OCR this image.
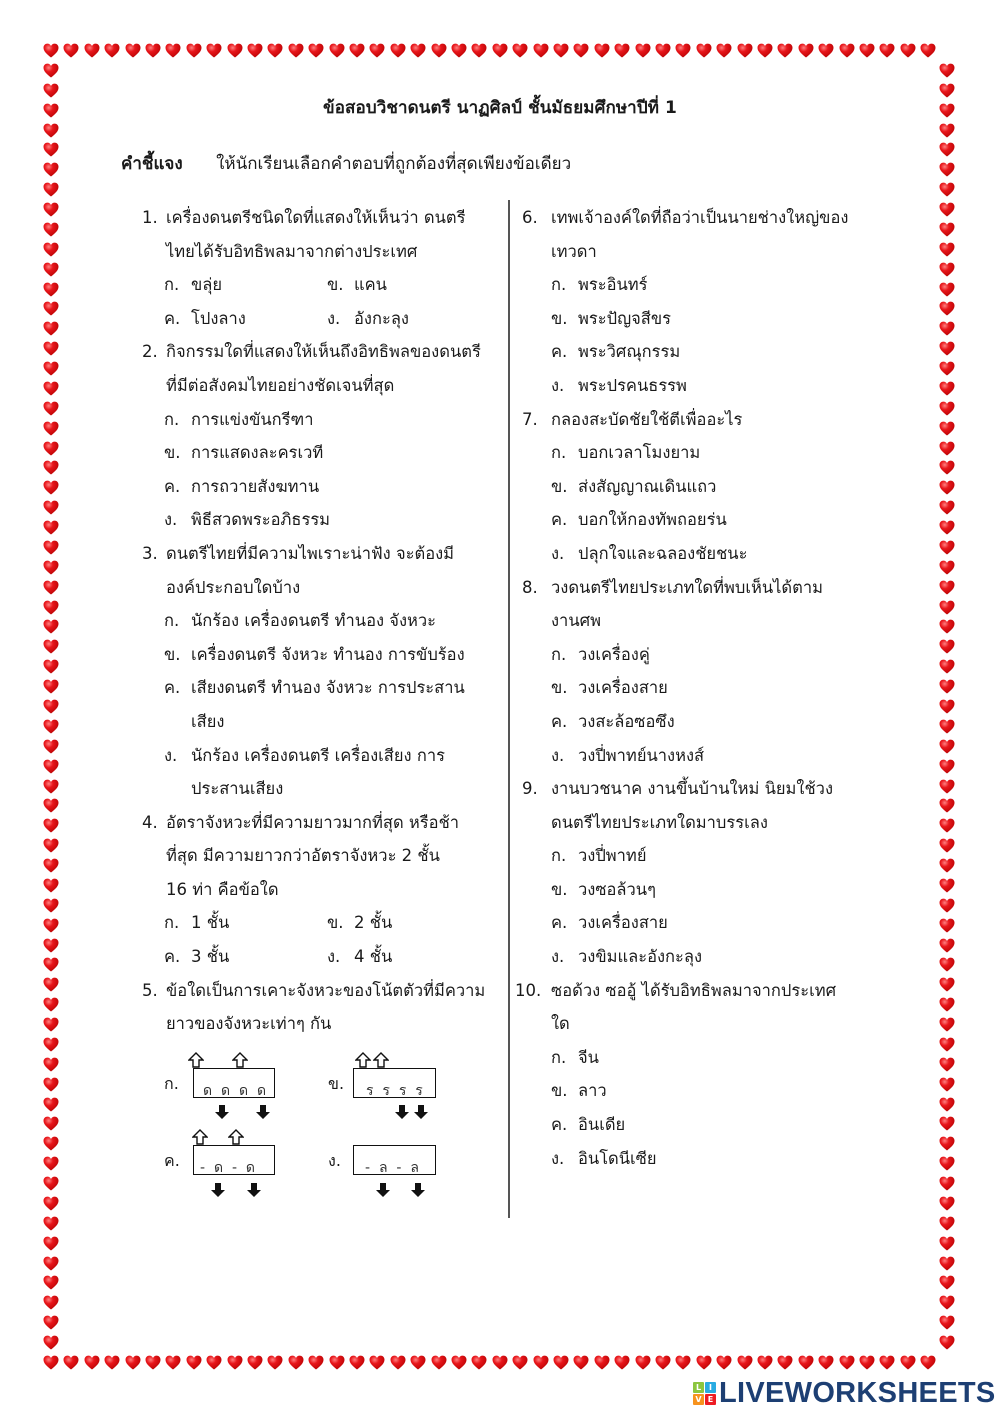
ข้อสอบวิชาดนตรี นาฏศิลป์ ชั้นมัธยมศึกษาปีที่ 1
คำชี้แจง ให้นักเรียนเลือกคำตอบที่ถูกต้องที่สุดเพียงข้อเดียว
1. เครื่องดนตรีชนิดใดที่แสดงให้เห็นว่า ดนตรี
ไทยได้รับอิทธิพลมาจากต่างประเทศ
ก. ขลุ่ย	ข. แคน
ค. โปงลาง	ง. อังกะลุง
2. กิจกรรมใดที่แสดงให้เห็นถึงอิทธิพลของดนตรี
ที่มีต่อสังคมไทยอย่างชัดเจนที่สุด
ก. การแข่งขันกรีฑา
ข. การแสดงละครเวที
ค. การถวายสังฆทาน
ง. พิธีสวดพระอภิธรรม
3. ดนตรีไทยที่มีความไพเราะน่าฟัง จะต้องมี
องค์ประกอบใดบ้าง
ก. นักร้อง เครื่องดนตรี ทำนอง จังหวะ
ข. เครื่องดนตรี จังหวะ ทำนอง การขับร้อง
ค. เสียงดนตรี ทำนอง จังหวะ การประสาน
เสียง
ง. นักร้อง เครื่องดนตรี เครื่องเสียง การ
ประสานเสียง
4. อัตราจังหวะที่มีความยาวมากที่สุด หรือช้า
ที่สุด มีความยาวกว่าอัตราจังหวะ 2 ชั้น
16 ท่า คือข้อใด
ก. 1 ชั้น	ข. 2 ชั้น
ค. 3 ชั้น	ง. 4 ชั้น
5. ข้อใดเป็นการเคาะจังหวะของโน้ตตัวที่มีความ
ยาวของจังหวะเท่าๆ กัน
ก. ด  ด  ด  ด	ข. ร  ร  ร  ร
ค. -  ด  -  ด	ง. -  ล  -  ล
6. เทพเจ้าองค์ใดที่ถือว่าเป็นนายช่างใหญ่ของ
เทวดา
ก. พระอินทร์
ข. พระปัญจสีขร
ค. พระวิศณุกรรม
ง. พระปรคนธรรพ
7. กลองสะบัดชัยใช้ตีเพื่ออะไร
ก. บอกเวลาโมงยาม
ข. ส่งสัญญาณเดินแถว
ค. บอกให้กองทัพถอยร่น
ง. ปลุกใจและฉลองชัยชนะ
8. วงดนตรีไทยประเภทใดที่พบเห็นได้ตาม
งานศพ
ก. วงเครื่องคู่
ข. วงเครื่องสาย
ค. วงสะล้อซอซึง
ง. วงปี่พาทย์นางหงส์
9. งานบวชนาค งานขึ้นบ้านใหม่ นิยมใช้วง
ดนตรีไทยประเภทใดมาบรรเลง
ก. วงปี่พาทย์
ข. วงซอล้วนๆ
ค. วงเครื่องสาย
ง. วงขิมและอังกะลุง
10. ซอด้วง ซออู้ ได้รับอิทธิพลมาจากประเทศ
ใด
ก. จีน
ข. ลาว
ค. อินเดีย
ง. อินโดนีเซีย
L I
V E LIVEWORKSHEETS
